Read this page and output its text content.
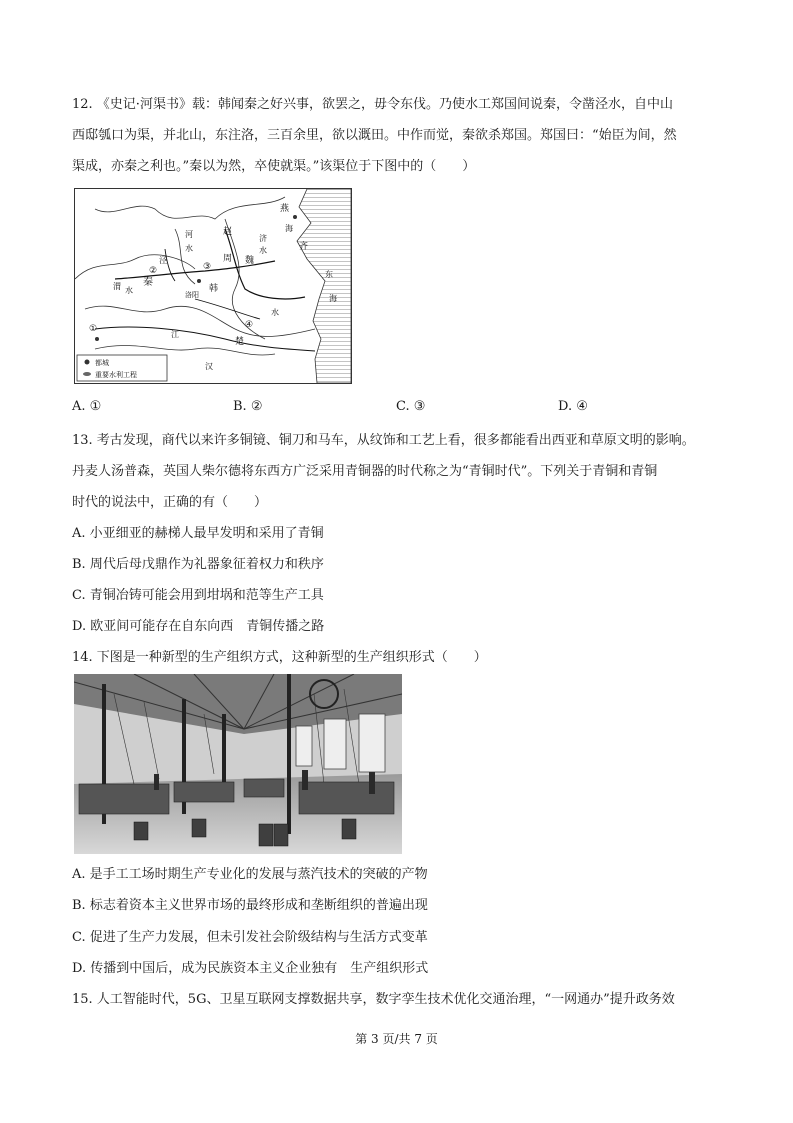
12. 《史记·河渠书》载：韩闻秦之好兴事，欲罢之，毋令东伐。乃使水工郑国间说秦，令凿泾水，自中山
西邸瓠口为渠，并北山，东注洛，三百余里，欲以溉田。中作而觉，秦欲杀郑国。郑国曰：“始臣为间，然
渠成，亦秦之利也。”秦以为然，卒使就渠。”该渠位于下图中的（　　）
燕
赵
魏
周
秦
韩
楚
齐
洛阳
海
东
海
江
水
河
水
泾
济
水
渭 水
汉
①
②	③
④
都城
重要水利工程
A. ①	B. ②	C. ③	D. ④
13. 考古发现，商代以来许多铜镜、铜刀和马车，从纹饰和工艺上看，很多都能看出西亚和草原文明的影响。
丹麦人汤普森，英国人柴尔德将东西方广泛采用青铜器的时代称之为“青铜时代”。下列关于青铜和青铜
时代的说法中，正确的有（　　）
A. 小亚细亚的赫梯人最早发明和采用了青铜
B. 周代后母戊鼎作为礼器象征着权力和秩序
C. 青铜冶铸可能会用到坩埚和范等生产工具
D. 欧亚间可能存在自东向西　青铜传播之路
14. 下图是一种新型的生产组织方式，这种新型的生产组织形式（　　）
A. 是手工工场时期生产专业化的发展与蒸汽技术的突破的产物
B. 标志着资本主义世界市场的最终形成和垄断组织的普遍出现
C. 促进了生产力发展，但未引发社会阶级结构与生活方式变革
D. 传播到中国后，成为民族资本主义企业独有　生产组织形式
15. 人工智能时代，5G、卫星互联网支撑数据共享，数字孪生技术优化交通治理，“一网通办”提升政务效
第 3 页/共 7 页
